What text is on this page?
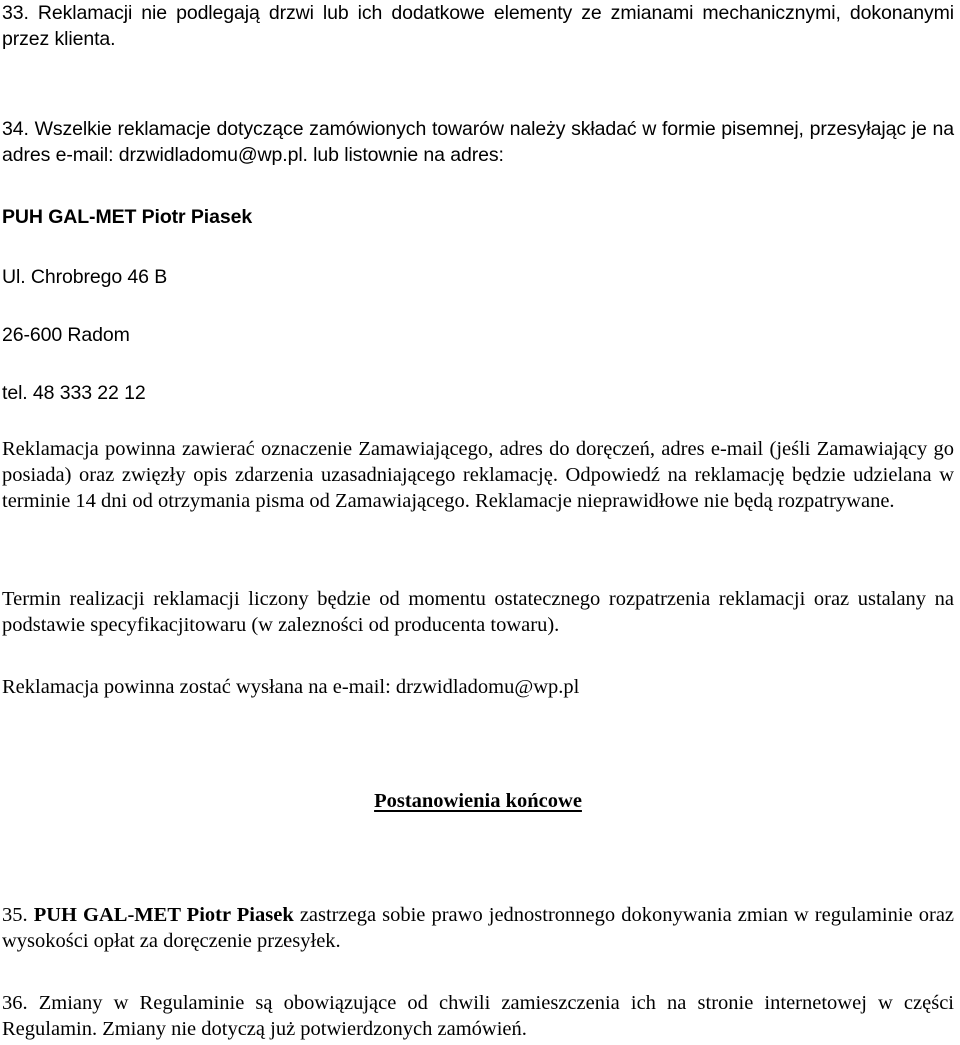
33. Reklamacji nie podlegają drzwi lub ich dodatkowe elementy ze zmianami mechanicznymi, dokonanymi przez klienta.

34. Wszelkie reklamacje dotyczące zamówionych towarów należy składać w formie pisemnej, przesyłając je na adres e-mail: drzwidladomu@wp.pl. lub listownie na adres:

PUH GAL-MET Piotr Piasek

Ul. Chrobrego 46 B

26-600 Radom

tel. 48 333 22 12

Reklamacja powinna zawierać oznaczenie Zamawiającego, adres do doręczeń, adres e-mail (jeśli Zamawiający go posiada) oraz zwięzły opis zdarzenia uzasadniającego reklamację. Odpowiedź na reklamację będzie udzielana w terminie 14 dni od otrzymania pisma od Zamawiającego. Reklamacje nieprawidłowe nie będą rozpatrywane.

Termin realizacji reklamacji liczony będzie od momentu ostatecznego rozpatrzenia reklamacji oraz ustalany na podstawie specyfikacjitowaru (w zalezności od producenta towaru).

Reklamacja powinna zostać wysłana na e-mail: drzwidladomu@wp.pl

Postanowienia końcowe

35. PUH GAL-MET Piotr Piasek zastrzega sobie prawo jednostronnego dokonywania zmian w regulaminie oraz wysokości opłat za doręczenie przesyłek.

36. Zmiany w Regulaminie są obowiązujące od chwili zamieszczenia ich na stronie internetowej w części Regulamin. Zmiany nie dotyczą już potwierdzonych zamówień.
